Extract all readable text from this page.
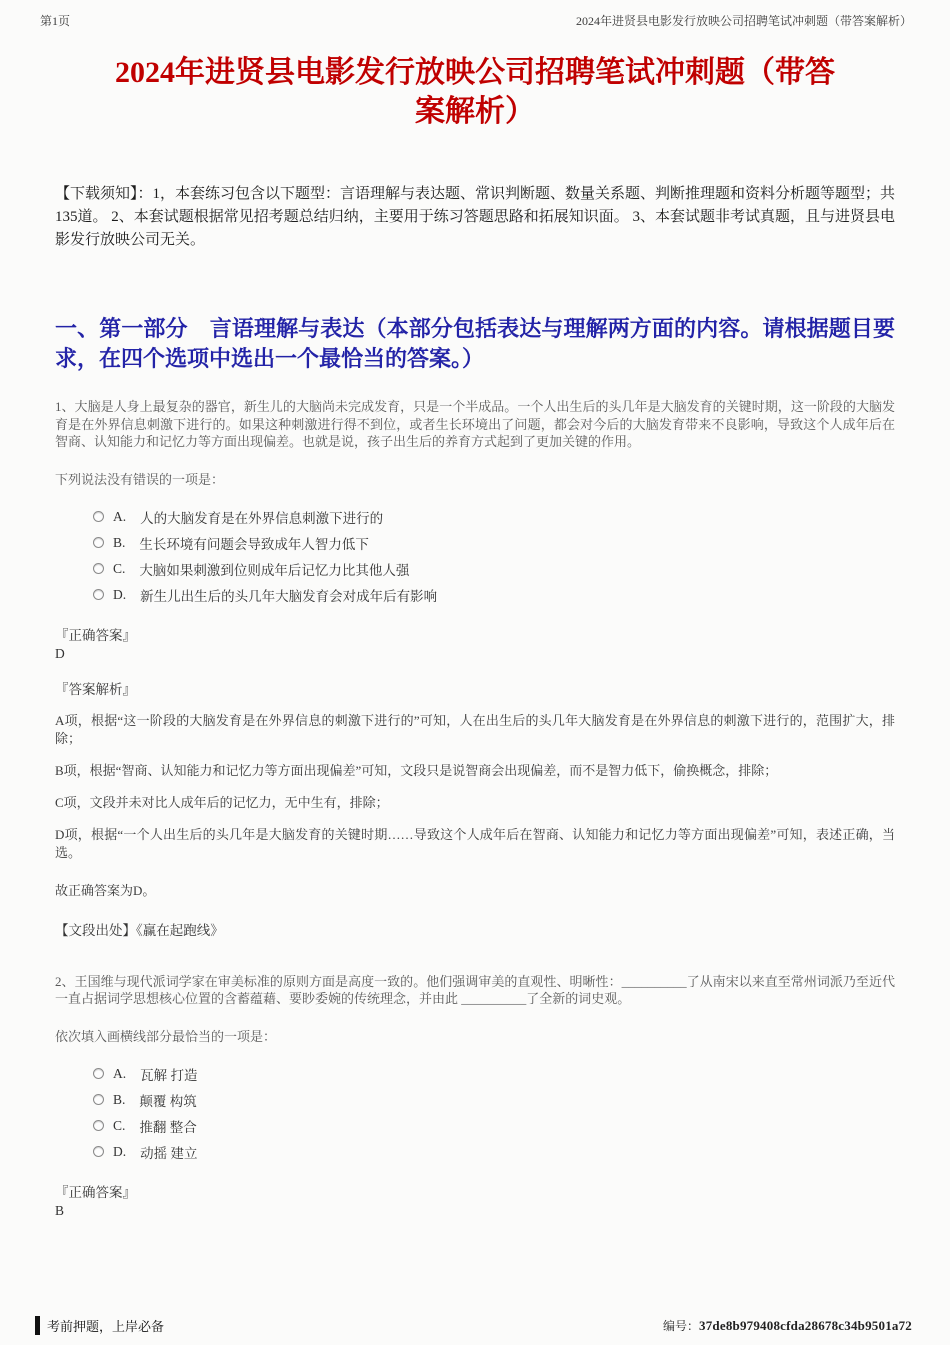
第1页	2024年进贤县电影发行放映公司招聘笔试冲刺题（带答案解析）
2024年进贤县电影发行放映公司招聘笔试冲刺题（带答案解析）
【下载须知】：1，本套练习包含以下题型：言语理解与表达题、常识判断题、数量关系题、判断推理题和资料分析题等题型；共135道。 2、本套试题根据常见招考题总结归纳，主要用于练习答题思路和拓展知识面。 3、本套试题非考试真题，且与进贤县电影发行放映公司无关。
一、第一部分　言语理解与表达（本部分包括表达与理解两方面的内容。请根据题目要求，在四个选项中选出一个最恰当的答案。）
1、大脑是人身上最复杂的器官，新生儿的大脑尚未完成发育，只是一个半成品。一个人出生后的头几年是大脑发育的关键时期，这一阶段的大脑发育是在外界信息刺激下进行的。如果这种刺激进行得不到位，或者生长环境出了问题，都会对今后的大脑发育带来不良影响，导致这个人成年后在智商、认知能力和记忆力等方面出现偏差。也就是说，孩子出生后的养育方式起到了更加关键的作用。
下列说法没有错误的一项是：
A. 人的大脑发育是在外界信息刺激下进行的
B. 生长环境有问题会导致成年人智力低下
C. 大脑如果刺激到位则成年后记忆力比其他人强
D. 新生儿出生后的头几年大脑发育会对成年后有影响
『正确答案』
D
『答案解析』

A项，根据“这一阶段的大脑发育是在外界信息的刺激下进行的”可知，人在出生后的头几年大脑发育是在外界信息的刺激下进行的，范围扩大，排除；

B项，根据“智商、认知能力和记忆力等方面出现偏差”可知，文段只是说智商会出现偏差，而不是智力低下，偷换概念，排除；

C项，文段并未对比人成年后的记忆力，无中生有，排除；

D项，根据“一个人出生后的头几年是大脑发育的关键时期……导致这个人成年后在智商、认知能力和记忆力等方面出现偏差”可知，表述正确，当选。

故正确答案为D。
【文段出处】《赢在起跑线》
2、王国维与现代派词学家在审美标准的原则方面是高度一致的。他们强调审美的直观性、明晰性：__________了从南宋以来直至常州词派乃至近代一直占据词学思想核心位置的含蓄蕴藉、要眇委婉的传统理念，并由此 __________了全新的词史观。
依次填入画横线部分最恰当的一项是：
A. 瓦解 打造
B. 颠覆 构筑
C. 推翻 整合
D. 动摇 建立
『正确答案』
B
考前押题，上岸必备	编号：37de8b979408cfda28678c34b9501a72
